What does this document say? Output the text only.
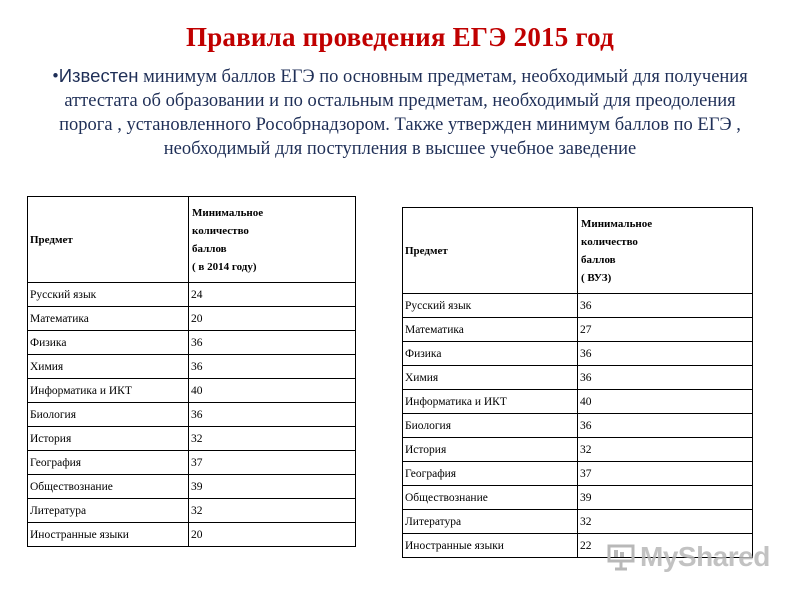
Правила проведения ЕГЭ 2015 год
•Известен минимум баллов ЕГЭ по основным предметам, необходимый для получения аттестата об образовании и по остальным предметам, необходимый для преодоления порога , установленного Рособрнадзором. Также утвержден минимум баллов по ЕГЭ , необходимый для поступления в высшее учебное заведение
Предмет	Минимальное
количество
баллов
( в 2014 году)

Русский язык	24
Математика	20
Физика	36
Химия	36
Информатика и ИКТ	40
Биология	36
История	32
География	37
Обществознание	39
Литература	32
Иностранные языки	20
Предмет	Минимальное
количество
баллов
( ВУЗ)

Русский язык	36
Математика	27
Физика	36
Химия	36
Информатика и ИКТ	40
Биология	36
История	32
География	37
Обществознание	39
Литература	32
Иностранные языки	22 MyShared
